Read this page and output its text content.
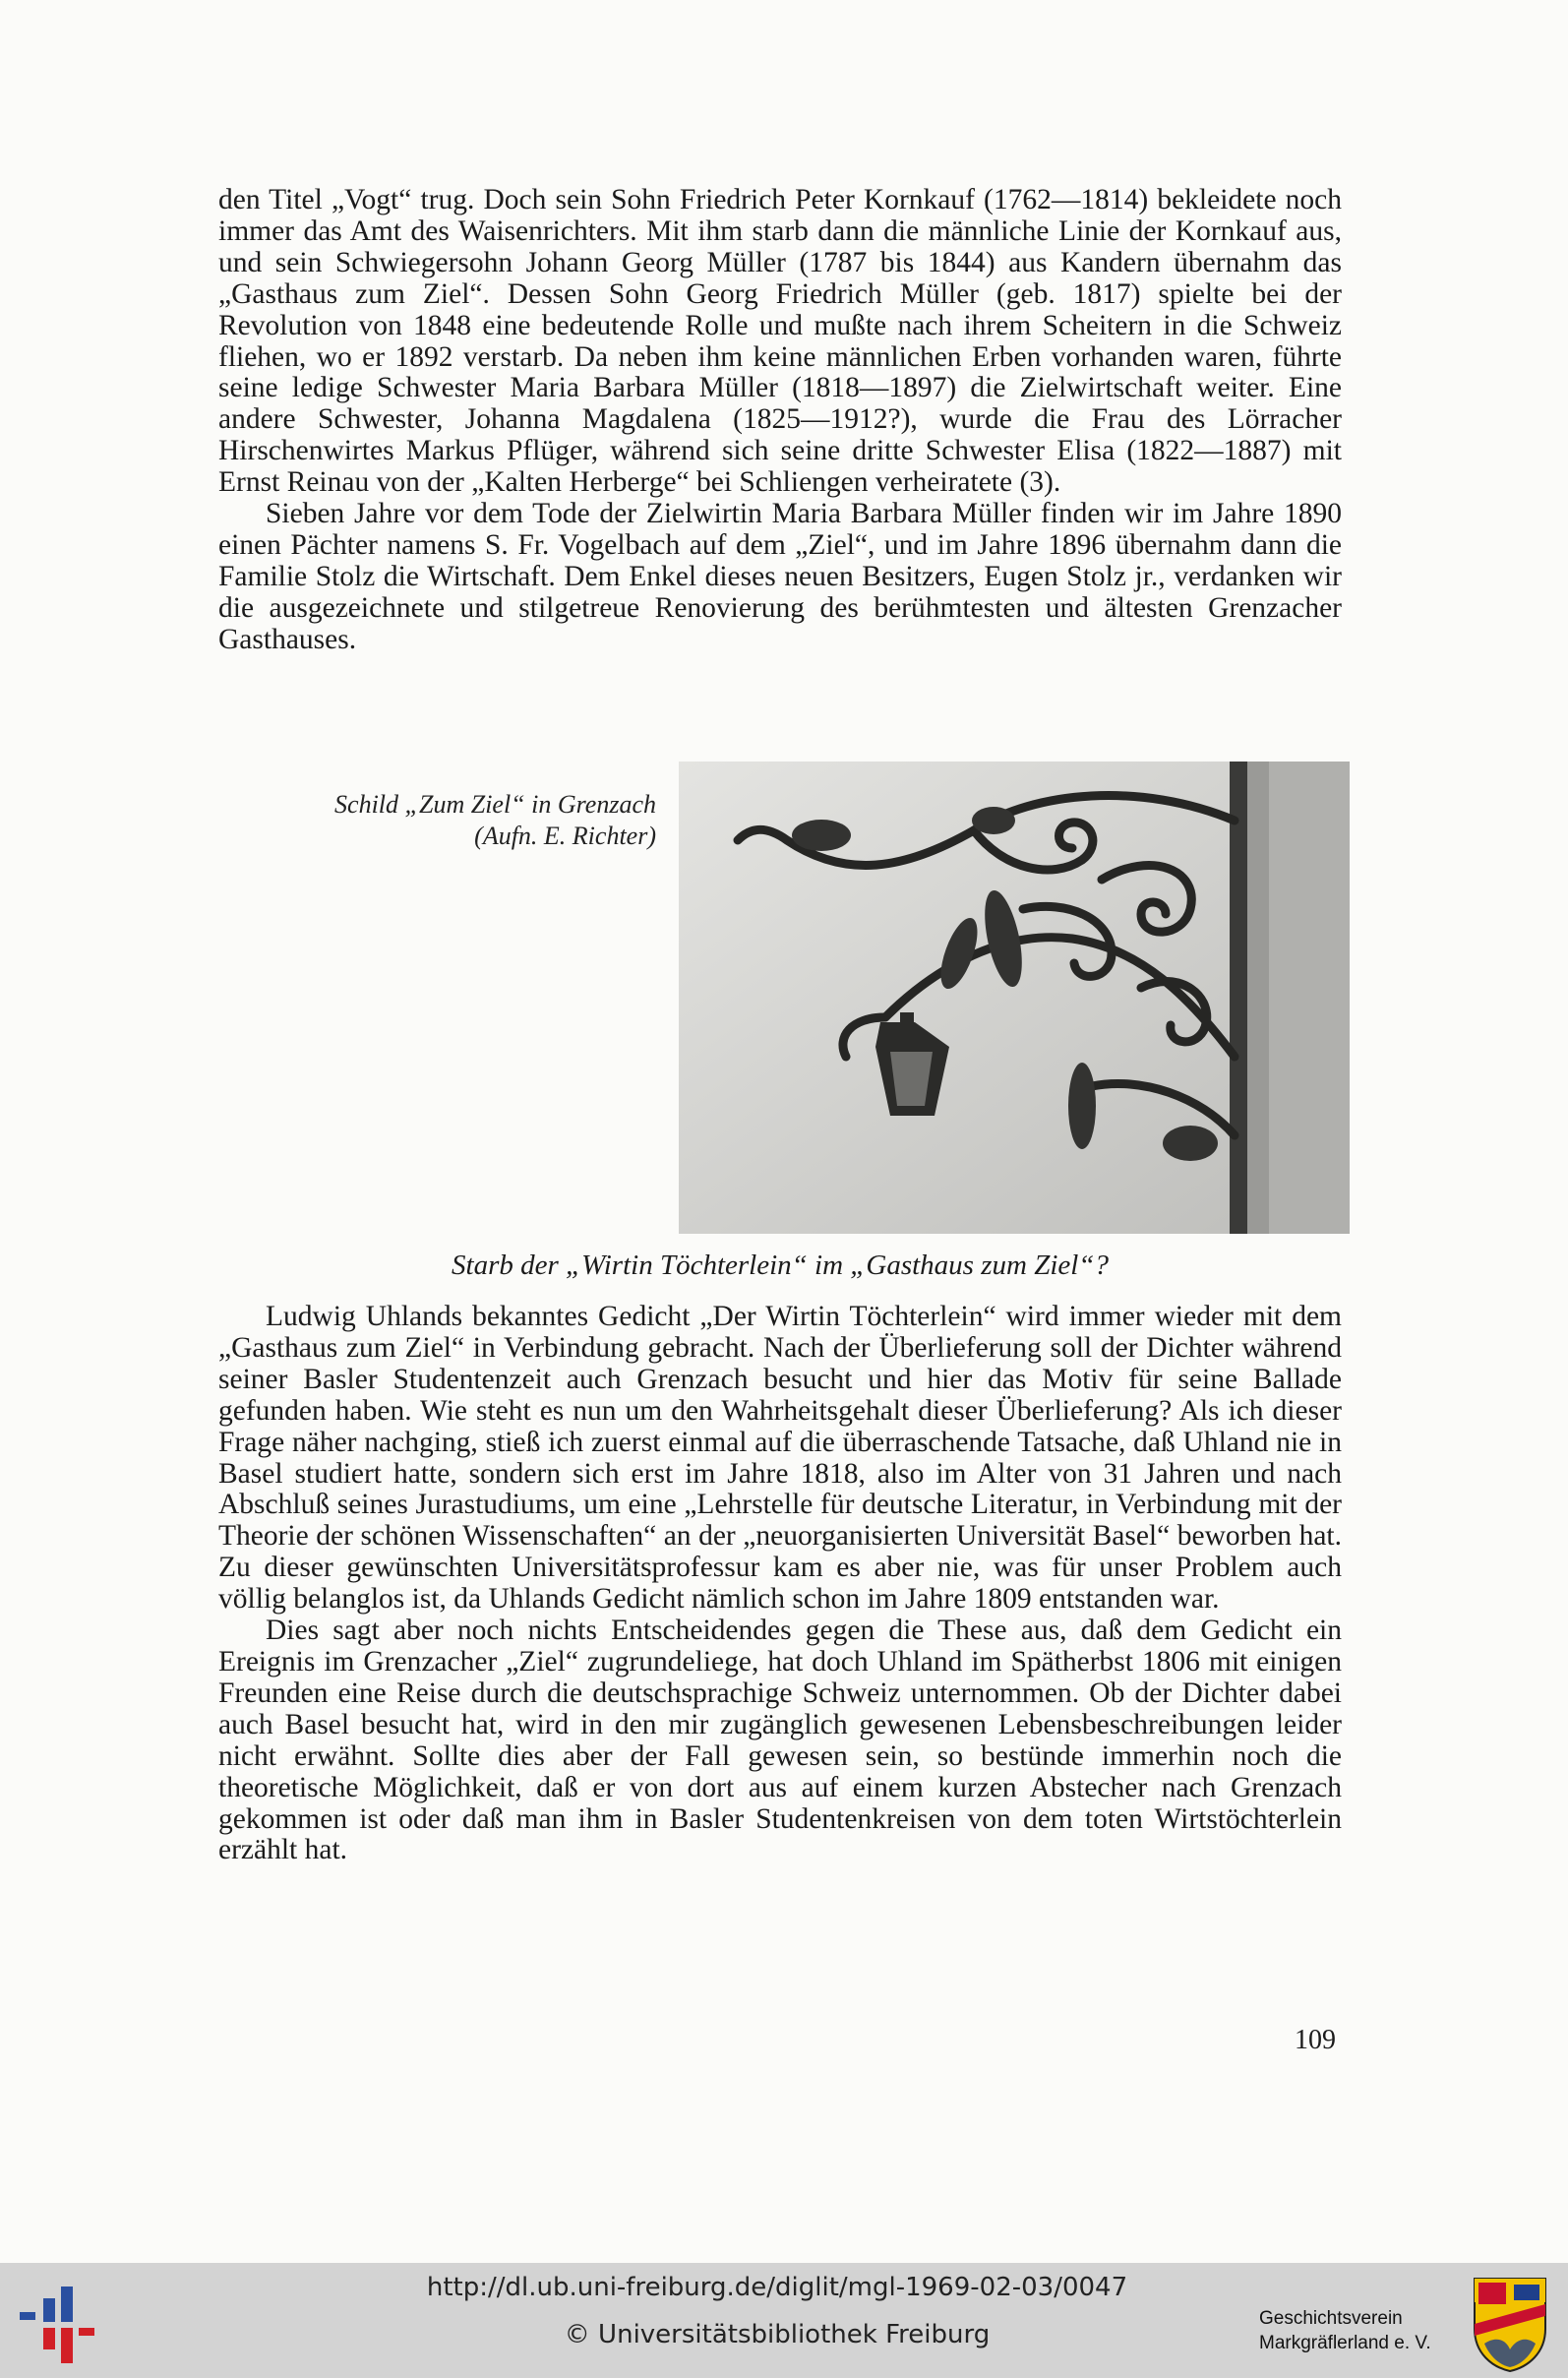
den Titel „Vogt“ trug. Doch sein Sohn Friedrich Peter Kornkauf (1762—1814) bekleidete noch immer das Amt des Waisenrichters. Mit ihm starb dann die männliche Linie der Kornkauf aus, und sein Schwiegersohn Johann Georg Müller (1787 bis 1844) aus Kandern übernahm das „Gasthaus zum Ziel“. Dessen Sohn Georg Friedrich Müller (geb. 1817) spielte bei der Revolution von 1848 eine bedeutende Rolle und mußte nach ihrem Scheitern in die Schweiz fliehen, wo er 1892 verstarb. Da neben ihm keine männlichen Erben vorhanden waren, führte seine ledige Schwester Maria Barbara Müller (1818—1897) die Zielwirtschaft weiter. Eine andere Schwester, Johanna Magdalena (1825—1912?), wurde die Frau des Lörracher Hirschenwirtes Markus Pflüger, während sich seine dritte Schwester Elisa (1822—1887) mit Ernst Reinau von der „Kalten Herberge“ bei Schliengen verheiratete (3).

Sieben Jahre vor dem Tode der Zielwirtin Maria Barbara Müller finden wir im Jahre 1890 einen Pächter namens S. Fr. Vogelbach auf dem „Ziel“, und im Jahre 1896 übernahm dann die Familie Stolz die Wirtschaft. Dem Enkel dieses neuen Besitzers, Eugen Stolz jr., verdanken wir die ausgezeichnete und stilgetreue Renovierung des berühmtesten und ältesten Grenzacher Gasthauses.

Schild „Zum Ziel“ in Grenzach
(Aufn. E. Richter)
Starb der „Wirtin Töchterlein“ im „Gasthaus zum Ziel“?

Ludwig Uhlands bekanntes Gedicht „Der Wirtin Töchterlein“ wird immer wieder mit dem „Gasthaus zum Ziel“ in Verbindung gebracht. Nach der Überlieferung soll der Dichter während seiner Basler Studentenzeit auch Grenzach besucht und hier das Motiv für seine Ballade gefunden haben. Wie steht es nun um den Wahrheitsgehalt dieser Überlieferung? Als ich dieser Frage näher nachging, stieß ich zuerst einmal auf die überraschende Tatsache, daß Uhland nie in Basel studiert hatte, sondern sich erst im Jahre 1818, also im Alter von 31 Jahren und nach Abschluß seines Jurastudiums, um eine „Lehrstelle für deutsche Literatur, in Verbindung mit der Theorie der schönen Wissenschaften“ an der „neuorganisierten Universität Basel“ beworben hat. Zu dieser gewünschten Universitätsprofessur kam es aber nie, was für unser Problem auch völlig belanglos ist, da Uhlands Gedicht nämlich schon im Jahre 1809 entstanden war.

Dies sagt aber noch nichts Entscheidendes gegen die These aus, daß dem Gedicht ein Ereignis im Grenzacher „Ziel“ zugrundeliege, hat doch Uhland im Spätherbst 1806 mit einigen Freunden eine Reise durch die deutschsprachige Schweiz unternommen. Ob der Dichter dabei auch Basel besucht hat, wird in den mir zugänglich gewesenen Lebensbeschreibungen leider nicht erwähnt. Sollte dies aber der Fall gewesen sein, so bestünde immerhin noch die theoretische Möglichkeit, daß er von dort aus auf einem kurzen Abstecher nach Grenzach gekommen ist oder daß man ihm in Basler Studentenkreisen von dem toten Wirtstöchterlein erzählt hat.

109
http://dl.ub.uni-freiburg.de/diglit/mgl-1969-02-03/0047
© Universitätsbibliothek Freiburg
Geschichtsverein
Markgräflerland e. V.
